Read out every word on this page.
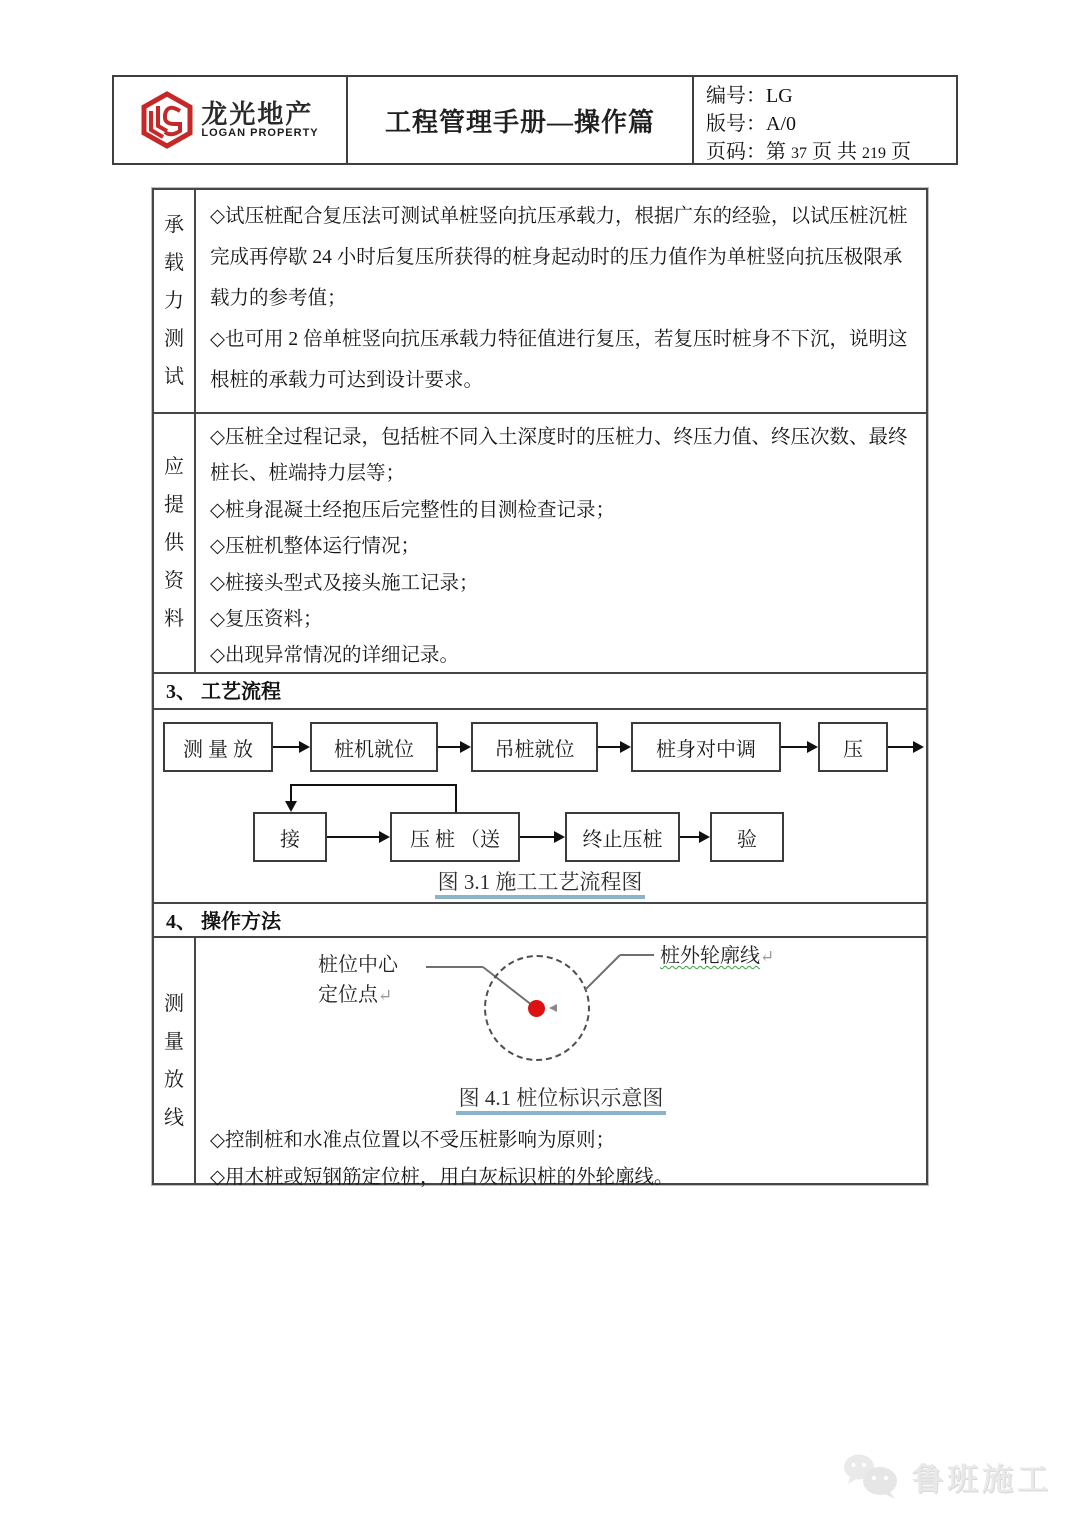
龙光地产
LOGAN PROPERTY	工程管理手册—操作篇
编号：LG
版号：A/0
页码：第 37 页 共 219 页
承载力测试

◇试压桩配合复压法可测试单桩竖向抗压承载力，根据广东的经验，以试压桩沉桩完成再停歇 24 小时后复压所获得的桩身起动时的压力值作为单桩竖向抗压极限承载力的参考值；

◇也可用 2 倍单桩竖向抗压承载力特征值进行复压，若复压时桩身不下沉，说明这根桩的承载力可达到设计要求。

应提供资料

◇压桩全过程记录，包括桩不同入土深度时的压桩力、终压力值、终压次数、最终桩长、桩端持力层等；

◇桩身混凝土经抱压后完整性的目测检查记录；

◇压桩机整体运行情况；

◇桩接头型式及接头施工记录；

◇复压资料；

◇出现异常情况的详细记录。

3、 工艺流程
测 量 放	桩机就位	吊桩就位	桩身对中调	压
接	压 桩 （送	终止压桩	验
图 3.1 施工工艺流程图
4、 操作方法
测量放线
桩位中心
定位点↵
桩外轮廓线↵
图 4.1 桩位标识示意图

◇控制桩和水准点位置以不受压桩影响为原则；

◇用木桩或短钢筋定位桩，用白灰标识桩的外轮廓线。

鲁班施工
